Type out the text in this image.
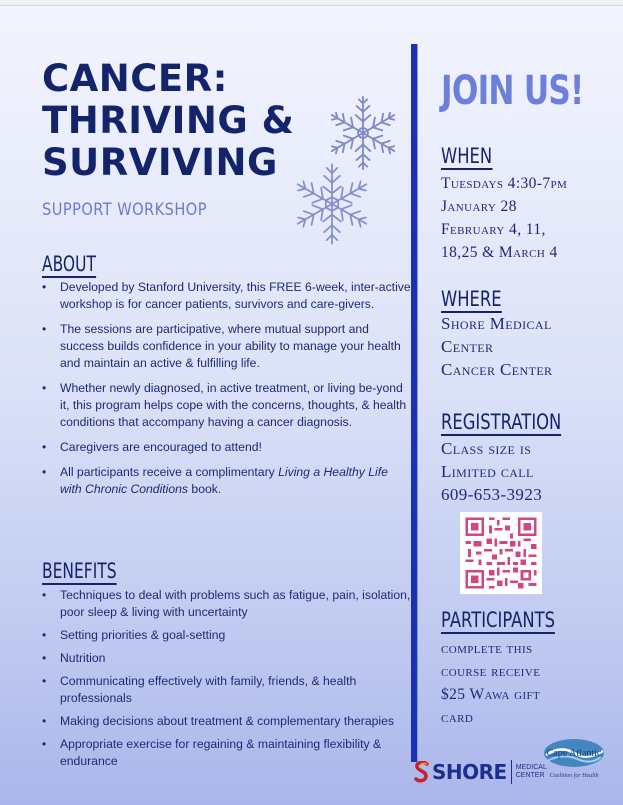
CANCER:
THRIVING &
SURVIVING
SUPPORT WORKSHOP
ABOUT
• Developed by Stanford University, this FREE 6-week, inter-active workshop is for cancer patients, survivors and care-givers.
• The sessions are participative, where mutual support and success builds confidence in your ability to manage your health and maintain an active & fulfilling life.
• Whether newly diagnosed, in active treatment, or living be-yond it, this program helps cope with the concerns, thoughts, & health conditions that accompany having a cancer diagnosis.
• Caregivers are encouraged to attend!
• All participants receive a complimentary Living a Healthy Life with Chronic Conditions book.
BENEFITS
• Techniques to deal with problems such as fatigue, pain, isolation, poor sleep & living with uncertainty
• Setting priorities & goal-setting
• Nutrition
• Communicating effectively with family, friends, & health professionals
• Making decisions about treatment & complementary therapies
• Appropriate exercise for regaining & maintaining flexibility & endurance
JOIN US!
WHEN
Tuesdays 4:30-7pm
January 28
February 4, 11,
18,25 & March 4
WHERE
Shore Medical
Center
Cancer Center
REGISTRATION
Class size is
Limited call
609-653-3923
PARTICIPANTS
complete this
course receive
$25 Wawa gift
card
SHORE MEDICAL
CENTER
Cape Atlantic
Coalition for Health
